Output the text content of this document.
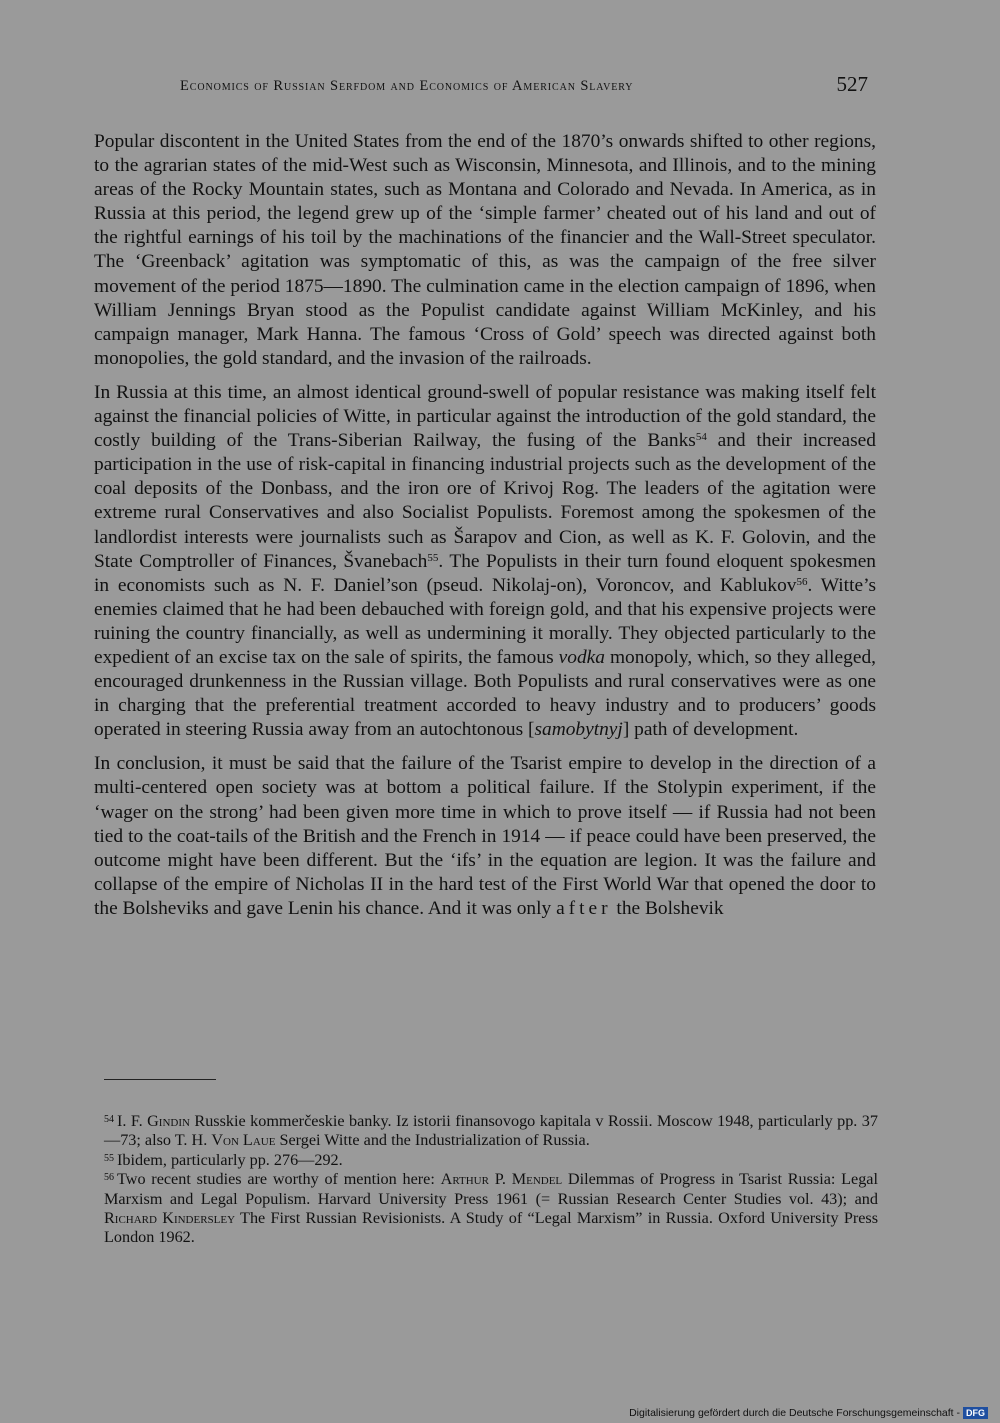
Economics of Russian Serfdom and Economics of American Slavery	527

Popular discontent in the United States from the end of the 1870’s onwards shifted to other regions, to the agrarian states of the mid-West such as Wisconsin, Minnesota, and Illinois, and to the mining areas of the Rocky Mountain states, such as Montana and Colorado and Nevada. In America, as in Russia at this period, the legend grew up of the ‘simple farmer’ cheated out of his land and out of the rightful earnings of his toil by the machinations of the financier and the Wall-Street speculator. The ‘Greenback’ agitation was symptomatic of this, as was the campaign of the free silver movement of the period 1875—1890. The culmination came in the election campaign of 1896, when William Jennings Bryan stood as the Populist candidate against William McKinley, and his campaign manager, Mark Hanna. The famous ‘Cross of Gold’ speech was directed against both monopolies, the gold standard, and the invasion of the railroads.

In Russia at this time, an almost identical ground-swell of popular resistance was making itself felt against the financial policies of Witte, in particular against the introduction of the gold standard, the costly building of the Trans-Siberian Railway, the fusing of the Banks$^{54}$ and their increased participation in the use of risk-capital in financing industrial projects such as the development of the coal deposits of the Donbass, and the iron ore of Krivoj Rog. The leaders of the agitation were extreme rural Conservatives and also Socialist Populists. Foremost among the spokesmen of the landlordist interests were journalists such as Šarapov and Cion, as well as K. F. Golovin, and the State Comptroller of Finances, Švanebach$^{55}$. The Populists in their turn found eloquent spokesmen in economists such as N. F. Daniel’son (pseud. Nikolaj-on), Voroncov, and Kablukov$^{56}$. Witte’s enemies claimed that he had been debauched with foreign gold, and that his expensive projects were ruining the country financially, as well as undermining it morally. They objected particularly to the expedient of an excise tax on the sale of spirits, the famous vodka monopoly, which, so they alleged, encouraged drunkenness in the Russian village. Both Populists and rural conservatives were as one in charging that the preferential treatment accorded to heavy industry and to producers’ goods operated in steering Russia away from an autochtonous [samobytnyj] path of development.

In conclusion, it must be said that the failure of the Tsarist empire to develop in the direction of a multi-centered open society was at bottom a political failure. If the Stolypin experiment, if the ‘wager on the strong’ had been given more time in which to prove itself — if Russia had not been tied to the coat-tails of the British and the French in 1914 — if peace could have been preserved, the outcome might have been different. But the ‘ifs’ in the equation are legion. It was the failure and collapse of the empire of Nicholas II in the hard test of the First World War that opened the door to the Bolsheviks and gave Lenin his chance. And it was only after the Bolshevik

$^{54}$ I. F. Gindin Russkie kommerčeskie banky. Iz istorii finansovogo kapitala v Rossii. Moscow 1948, particularly pp. 37—73; also T. H. Von Laue Sergei Witte and the Industrialization of Russia.

$^{55}$ Ibidem, particularly pp. 276—292.

$^{56}$ Two recent studies are worthy of mention here: Arthur P. Mendel Dilemmas of Progress in Tsarist Russia: Legal Marxism and Legal Populism. Harvard University Press 1961 (= Russian Research Center Studies vol. 43); and Richard Kindersley The First Russian Revisionists. A Study of “Legal Marxism” in Russia. Oxford University Press London 1962.

Digitalisierung gefördert durch die Deutsche Forschungsgemeinschaft - DFG
